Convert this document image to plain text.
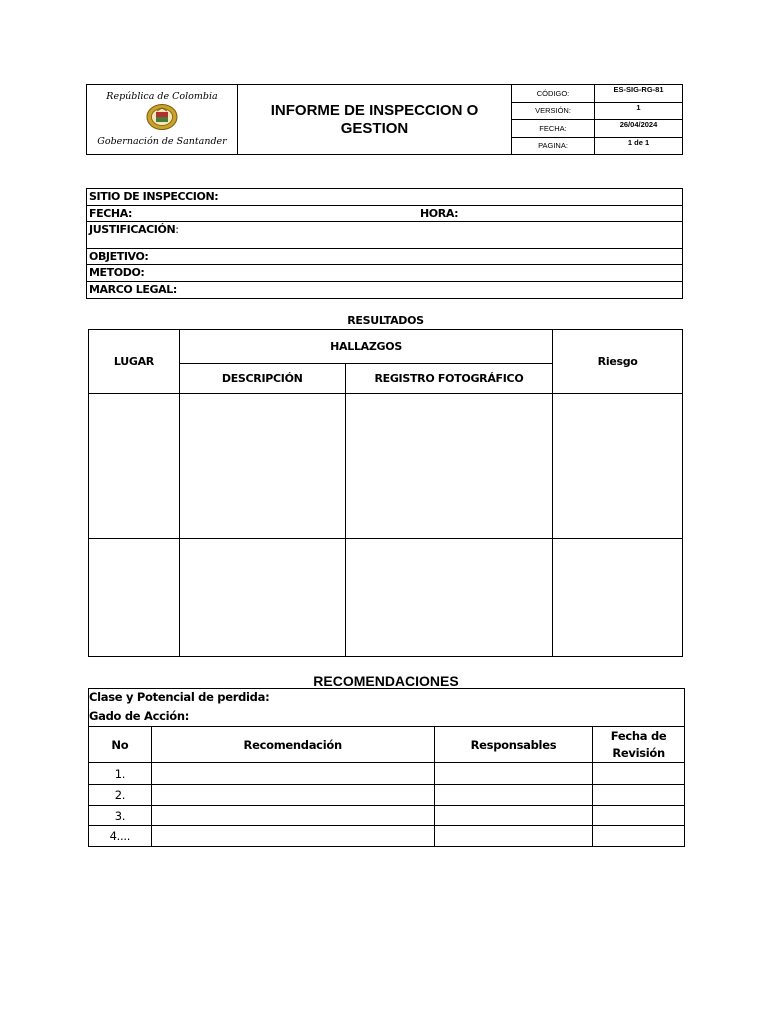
República de Colombia
Gobernación de Santander	INFORME DE INSPECCION O GESTION	CÓDIGO:	ES-SIG-RG-81
		VERSIÓN:	1
		FECHA:	26/04/2024
		PAGINA:	1 de 1
SITIO DE INSPECCION:
FECHA:	HORA:
JUSTIFICACIÓN:
OBJETIVO:
METODO:
MARCO LEGAL:
RESULTADOS
LUGAR	HALLAZGOS		Riesgo
	DESCRIPCIÓN	REGISTRO FOTOGRÁFICO	

RECOMENDACIONES
Clase y Potencial de perdida:
Gado de Acción:
No	Recomendación	Responsables	Fecha de
Revisión

1.			
2.			
3.			
4....			
